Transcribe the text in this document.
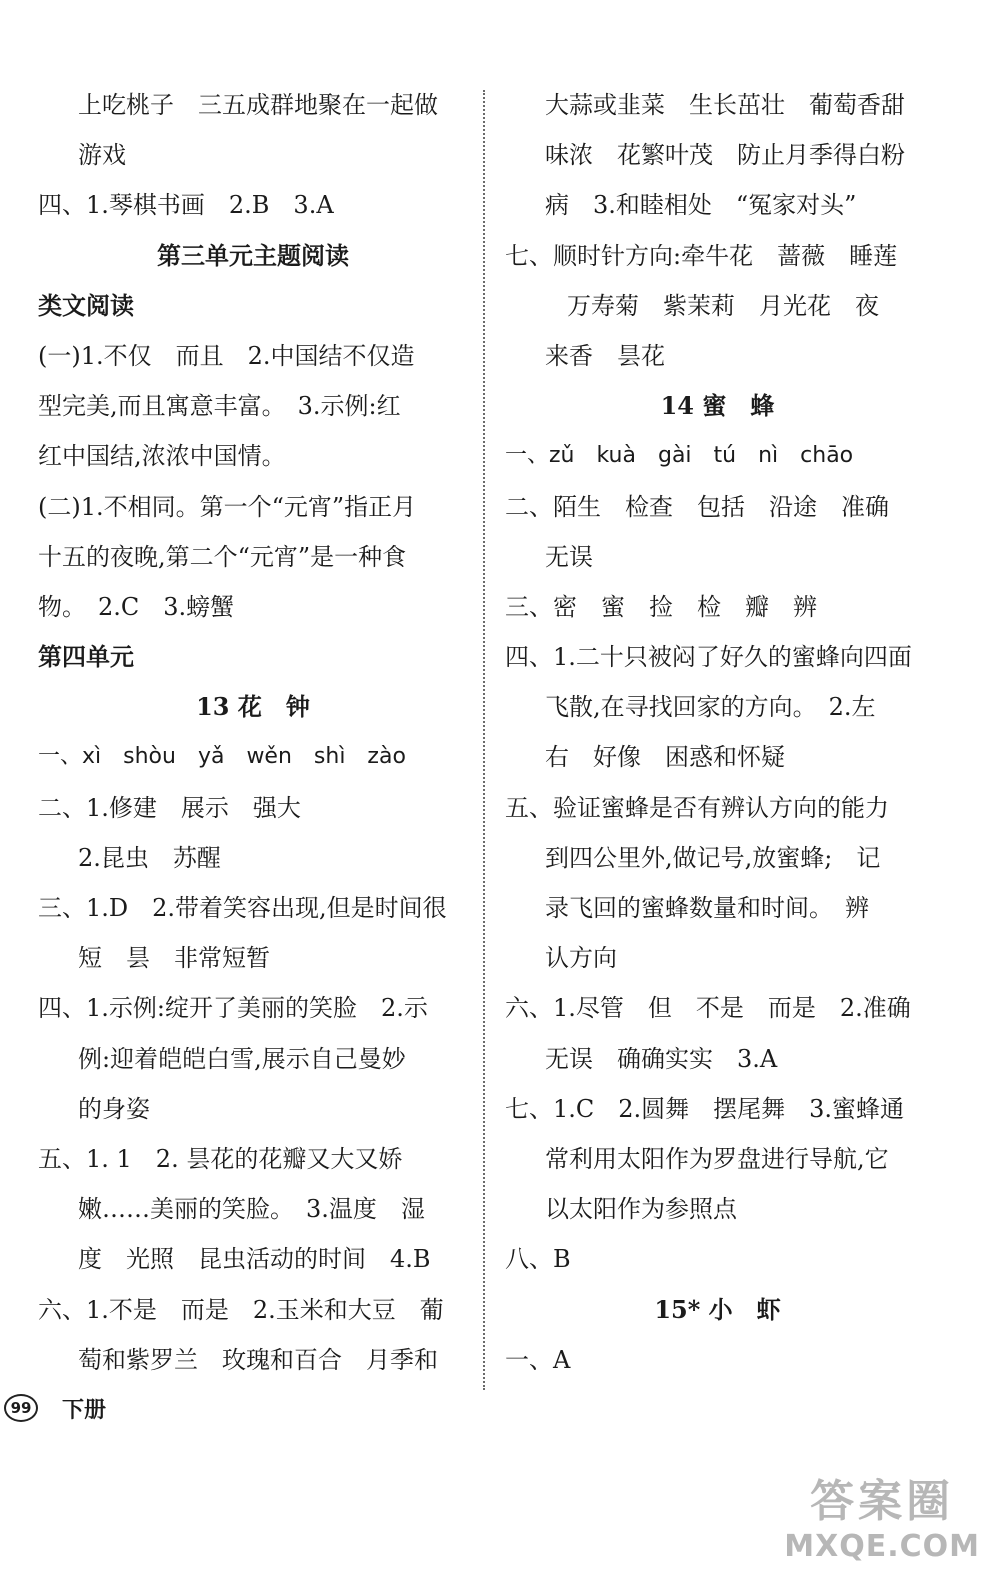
上吃桃子　三五成群地聚在一起做
游戏
四、1.琴棋书画　2.B　3.A
第三单元主题阅读
类文阅读
(一)1.不仅　而且　2.中国结不仅造
型完美,而且寓意丰富。　3.示例:红
红中国结,浓浓中国情。
(二)1.不相同。第一个“元宵”指正月
十五的夜晚,第二个“元宵”是一种食
物。　2.C　3.螃蟹
第四单元
13 花　钟
一、xì　shòu　yǎ　wěn　shì　zào
二、1.修建　展示　强大
2.昆虫　苏醒
三、1.D　2.带着笑容出现,但是时间很
短　昙　非常短暂
四、1.示例:绽开了美丽的笑脸　2.示
例:迎着皑皑白雪,展示自己曼妙
的身姿
五、1. 1　2. 昙花的花瓣又大又娇
嫩……美丽的笑脸。　3.温度　湿
度　光照　昆虫活动的时间　4.B
六、1.不是　而是　2.玉米和大豆　葡
萄和紫罗兰　玫瑰和百合　月季和
大蒜或韭菜　生长茁壮　葡萄香甜
味浓　花繁叶茂　防止月季得白粉
病　3.和睦相处　“冤家对头”
七、顺时针方向:牵牛花　蔷薇　睡莲
万寿菊　紫茉莉　月光花　夜
来香　昙花
14 蜜　蜂
一、zǔ　kuà　gài　tú　nì　chāo
二、陌生　检查　包括　沿途　准确
无误
三、密　蜜　捡　检　瓣　辨
四、1.二十只被闷了好久的蜜蜂向四面
飞散,在寻找回家的方向。　2.左
右　好像　困惑和怀疑
五、验证蜜蜂是否有辨认方向的能力
到四公里外,做记号,放蜜蜂;　记
录飞回的蜜蜂数量和时间。　辨
认方向
六、1.尽管　但　不是　而是　2.准确
无误　确确实实　3.A
七、1.C　2.圆舞　摆尾舞　3.蜜蜂通
常利用太阳作为罗盘进行导航,它
以太阳作为参照点
八、B
15* 小　虾
一、A
99 下册
答案圈
MXQE.COM
